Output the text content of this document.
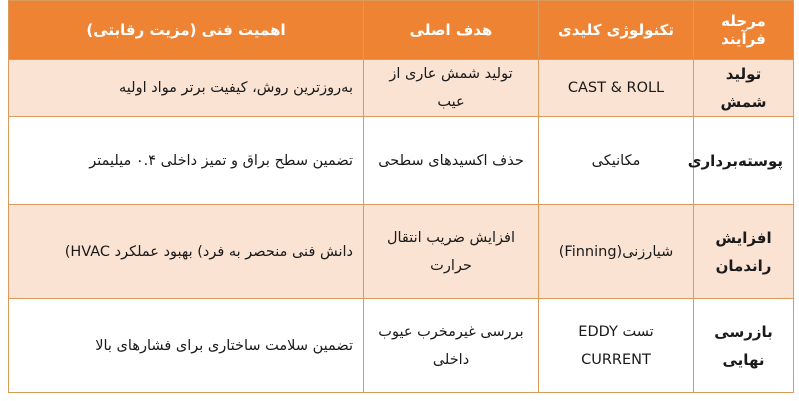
مرحله فرآیند	تکنولوژی کلیدی	هدف اصلی	اهمیت فنی (مزیت رقابتی)
تولید شمش	CAST & ROLL	تولید شمش عاری از عیب	به‌روزترین روش، کیفیت برتر مواد اولیه
پوسته‌برداری	مکانیکی	حذف اکسیدهای سطحی	تضمین سطح براق و تمیز داخلی ۰.۴ میلیمتر
افزایش راندمان	شیارزنی(Finning)	افزایش ضریب انتقال حرارت	دانش فنی منحصر به فرد) بهبود عملکرد HVAC)
بازرسی نهایی	تست EDDY CURRENT	بررسی غیرمخرب عیوب داخلی	تضمین سلامت ساختاری برای فشارهای بالا
